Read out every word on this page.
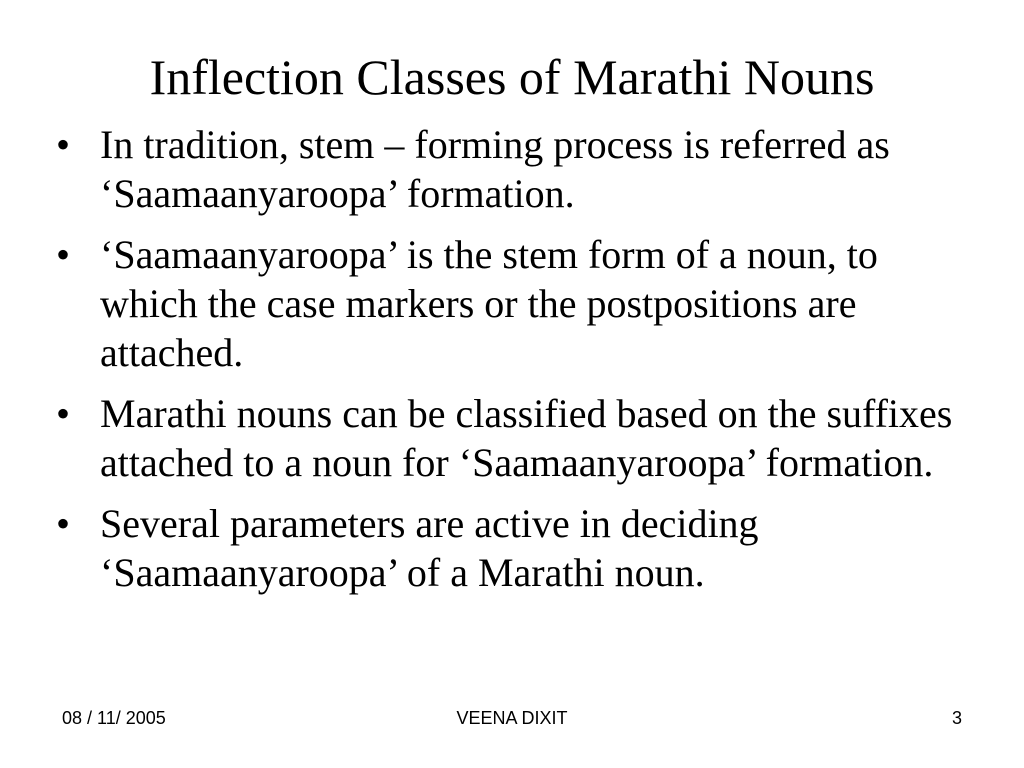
Inflection Classes of Marathi Nouns
• In tradition, stem – forming process is referred as ‘Saamaanyaroopa’ formation.
• ‘Saamaanyaroopa’ is the stem form of a noun, to which the case markers or the postpositions are attached.
• Marathi nouns can be classified based on the suffixes attached to a noun for ‘Saamaanyaroopa’ formation.
• Several parameters are active in deciding ‘Saamaanyaroopa’ of a Marathi noun.
08 / 11/ 2005	VEENA DIXIT	3
